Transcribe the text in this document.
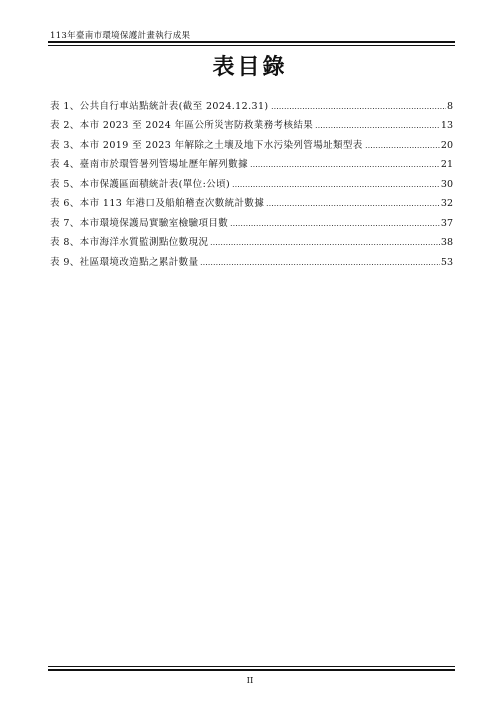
113年臺南市環境保護計畫執行成果
表目錄
表 1、公共自行車站點統計表(截至 2024.12.31)	8
表 2、本市 2023 至 2024 年區公所災害防救業務考核結果	13
表 3、本市 2019 至 2023 年解除之土壤及地下水污染列管場址類型表	20
表 4、臺南市於環管暑列管場址歷年解列數據	21
表 5、本市保護區面積統計表(單位:公頃)	30
表 6、本市 113 年港口及船舶稽查次數統計數據	32
表 7、本市環境保護局實驗室檢驗項目數	37
表 8、本市海洋水質監測點位數現況	38
表 9、社區環境改造點之累計數量	53
II
